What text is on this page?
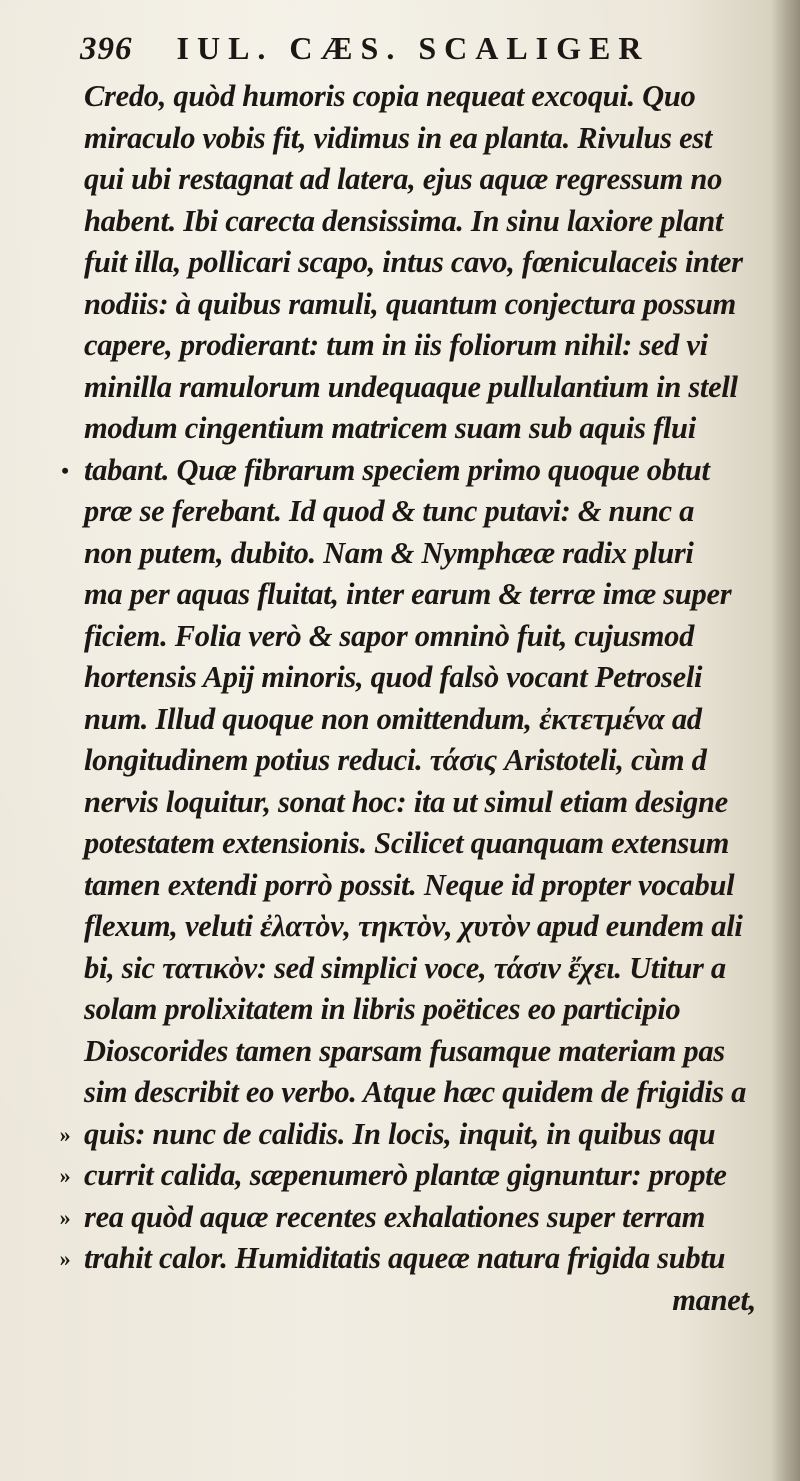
396 IUL. CÆS. SCALIGER
Credo, quòd humoris copia nequeat excoqui. Quo
miraculo vobis fit, vidimus in ea planta. Rivulus est
qui ubi restagnat ad latera, ejus aquæ regressum no
habent. Ibi carecta densissima. In sinu laxiore plant
fuit illa, pollicari scapo, intus cavo, fœniculaceis inter
nodiis: à quibus ramuli, quantum conjectura possum
capere, prodierant: tum in iis foliorum nihil: sed vi
minilla ramulorum undequaque pullulantium in stell
modum cingentium matricem suam sub aquis flui
• tabant. Quæ fibrarum speciem primo quoque obtut
præ se ferebant. Id quod & tunc putavi: & nunc a
non putem, dubito. Nam & Nymphææ radix pluri
ma per aquas fluitat, inter earum & terræ imæ super
ficiem. Folia verò & sapor omninò fuit, cujusmod
hortensis Apij minoris, quod falsò vocant Petroseli
num. Illud quoque non omittendum, ἐκτετμένα ad
longitudinem potius reduci. τάσις Aristoteli, cùm d
nervis loquitur, sonat hoc: ita ut simul etiam designe
potestatem extensionis. Scilicet quanquam extensum
tamen extendi porrò possit. Neque id propter vocabul
flexum, veluti ἐλατὸν, τηκτὸν, χυτὸν apud eundem ali
bi, sic τατικὸν: sed simplici voce, τάσιν ἔχει. Utitur a
solam prolixitatem in libris poëtices eo participio
Dioscorides tamen sparsam fusamque materiam pas
sim describit eo verbo. Atque hæc quidem de frigidis a
» quis: nunc de calidis. In locis, inquit, in quibus aqu
» currit calida, sæpenumerò plantæ gignuntur: propte
» rea quòd aquæ recentes exhalationes super terram
» trahit calor. Humiditatis aqueæ natura frigida subtu
manet,
